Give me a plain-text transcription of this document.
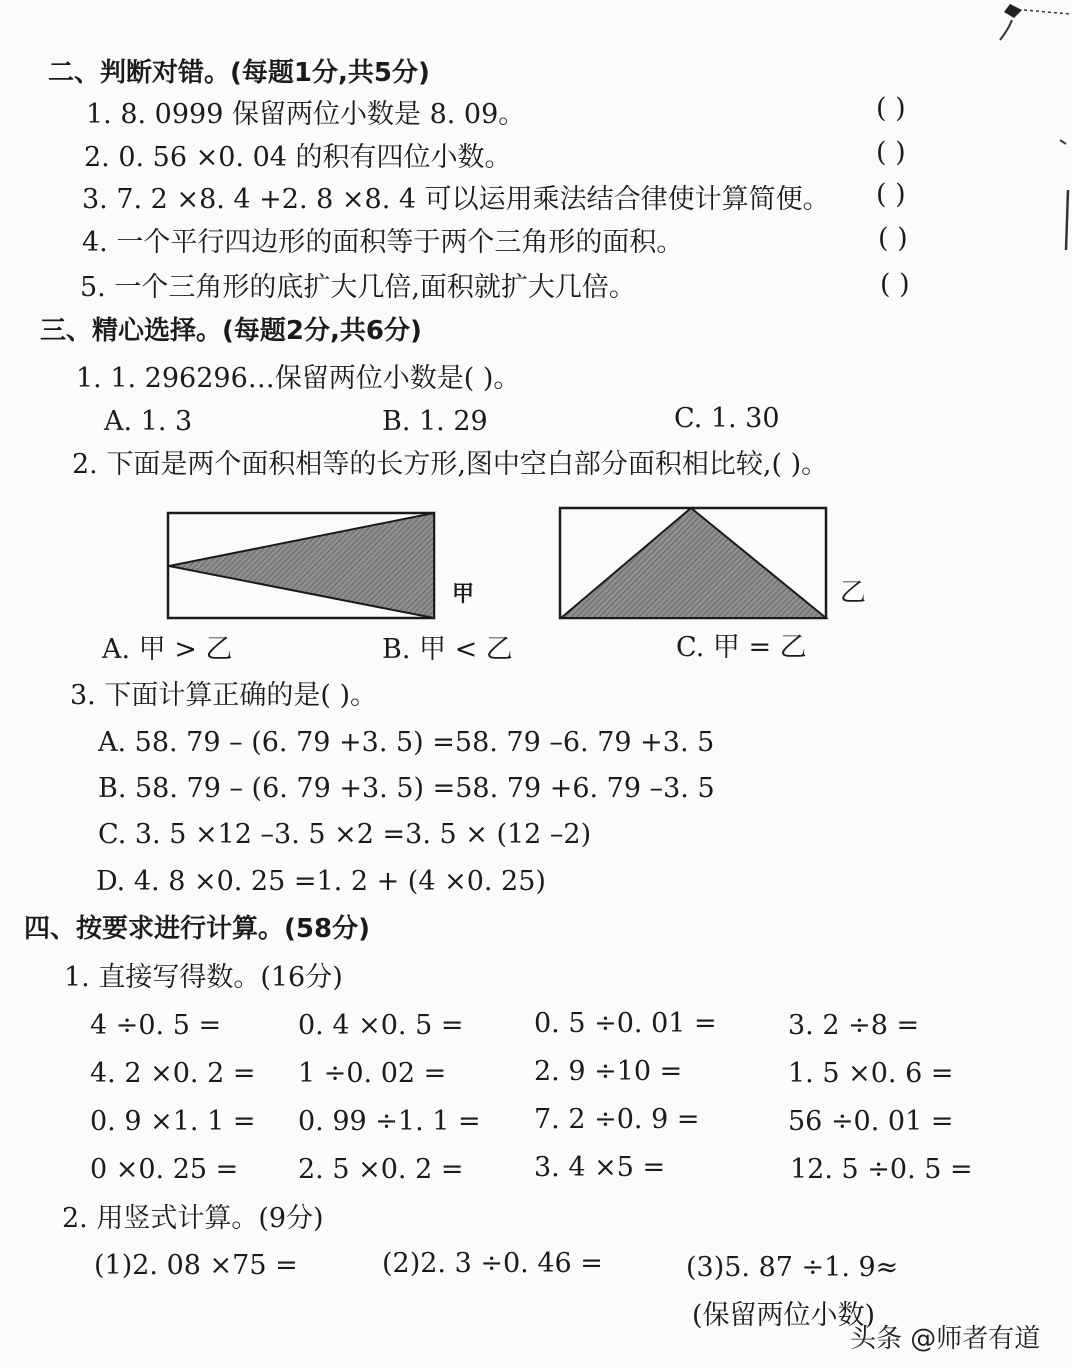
二、判断对错。(每题1分,共5分)
1. 8. 0999 保留两位小数是 8. 09。	( )
2. 0. 56 ×0. 04 的积有四位小数。	( )
3. 7. 2 ×8. 4 +2. 8 ×8. 4 可以运用乘法结合律使计算简便。 ( )
4. 一个平行四边形的面积等于两个三角形的面积。	( )
5. 一个三角形的底扩大几倍,面积就扩大几倍。	( )
三、精心选择。(每题2分,共6分)
1. 1. 296296…保留两位小数是( )。
A. 1. 3	B. 1. 29	C. 1. 30
2. 下面是两个面积相等的长方形,图中空白部分面积相比较,( )。
甲	乙
A. 甲 > 乙	B. 甲 < 乙	C. 甲 = 乙
3. 下面计算正确的是( )。
A. 58. 79 – (6. 79 +3. 5) =58. 79 –6. 79 +3. 5
B. 58. 79 – (6. 79 +3. 5) =58. 79 +6. 79 –3. 5
C. 3. 5 ×12 –3. 5 ×2 =3. 5 × (12 –2)
D. 4. 8 ×0. 25 =1. 2 + (4 ×0. 25)
四、按要求进行计算。(58分)
1. 直接写得数。(16分)
4 ÷0. 5 =	0. 4 ×0. 5 =	0. 5 ÷0. 01 =	3. 2 ÷8 =
4. 2 ×0. 2 = 1 ÷0. 02 =	2. 9 ÷10 =	1. 5 ×0. 6 =
0. 9 ×1. 1 = 0. 99 ÷1. 1 = 7. 2 ÷0. 9 =	56 ÷0. 01 =
0 ×0. 25 = 2. 5 ×0. 2 =	3. 4 ×5 =	12. 5 ÷0. 5 =
2. 用竖式计算。(9分)
(1)2. 08 ×75 =	(2)2. 3 ÷0. 46 =	(3)5. 87 ÷1. 9≈
(保留两位小数)
头条 @师者有道
